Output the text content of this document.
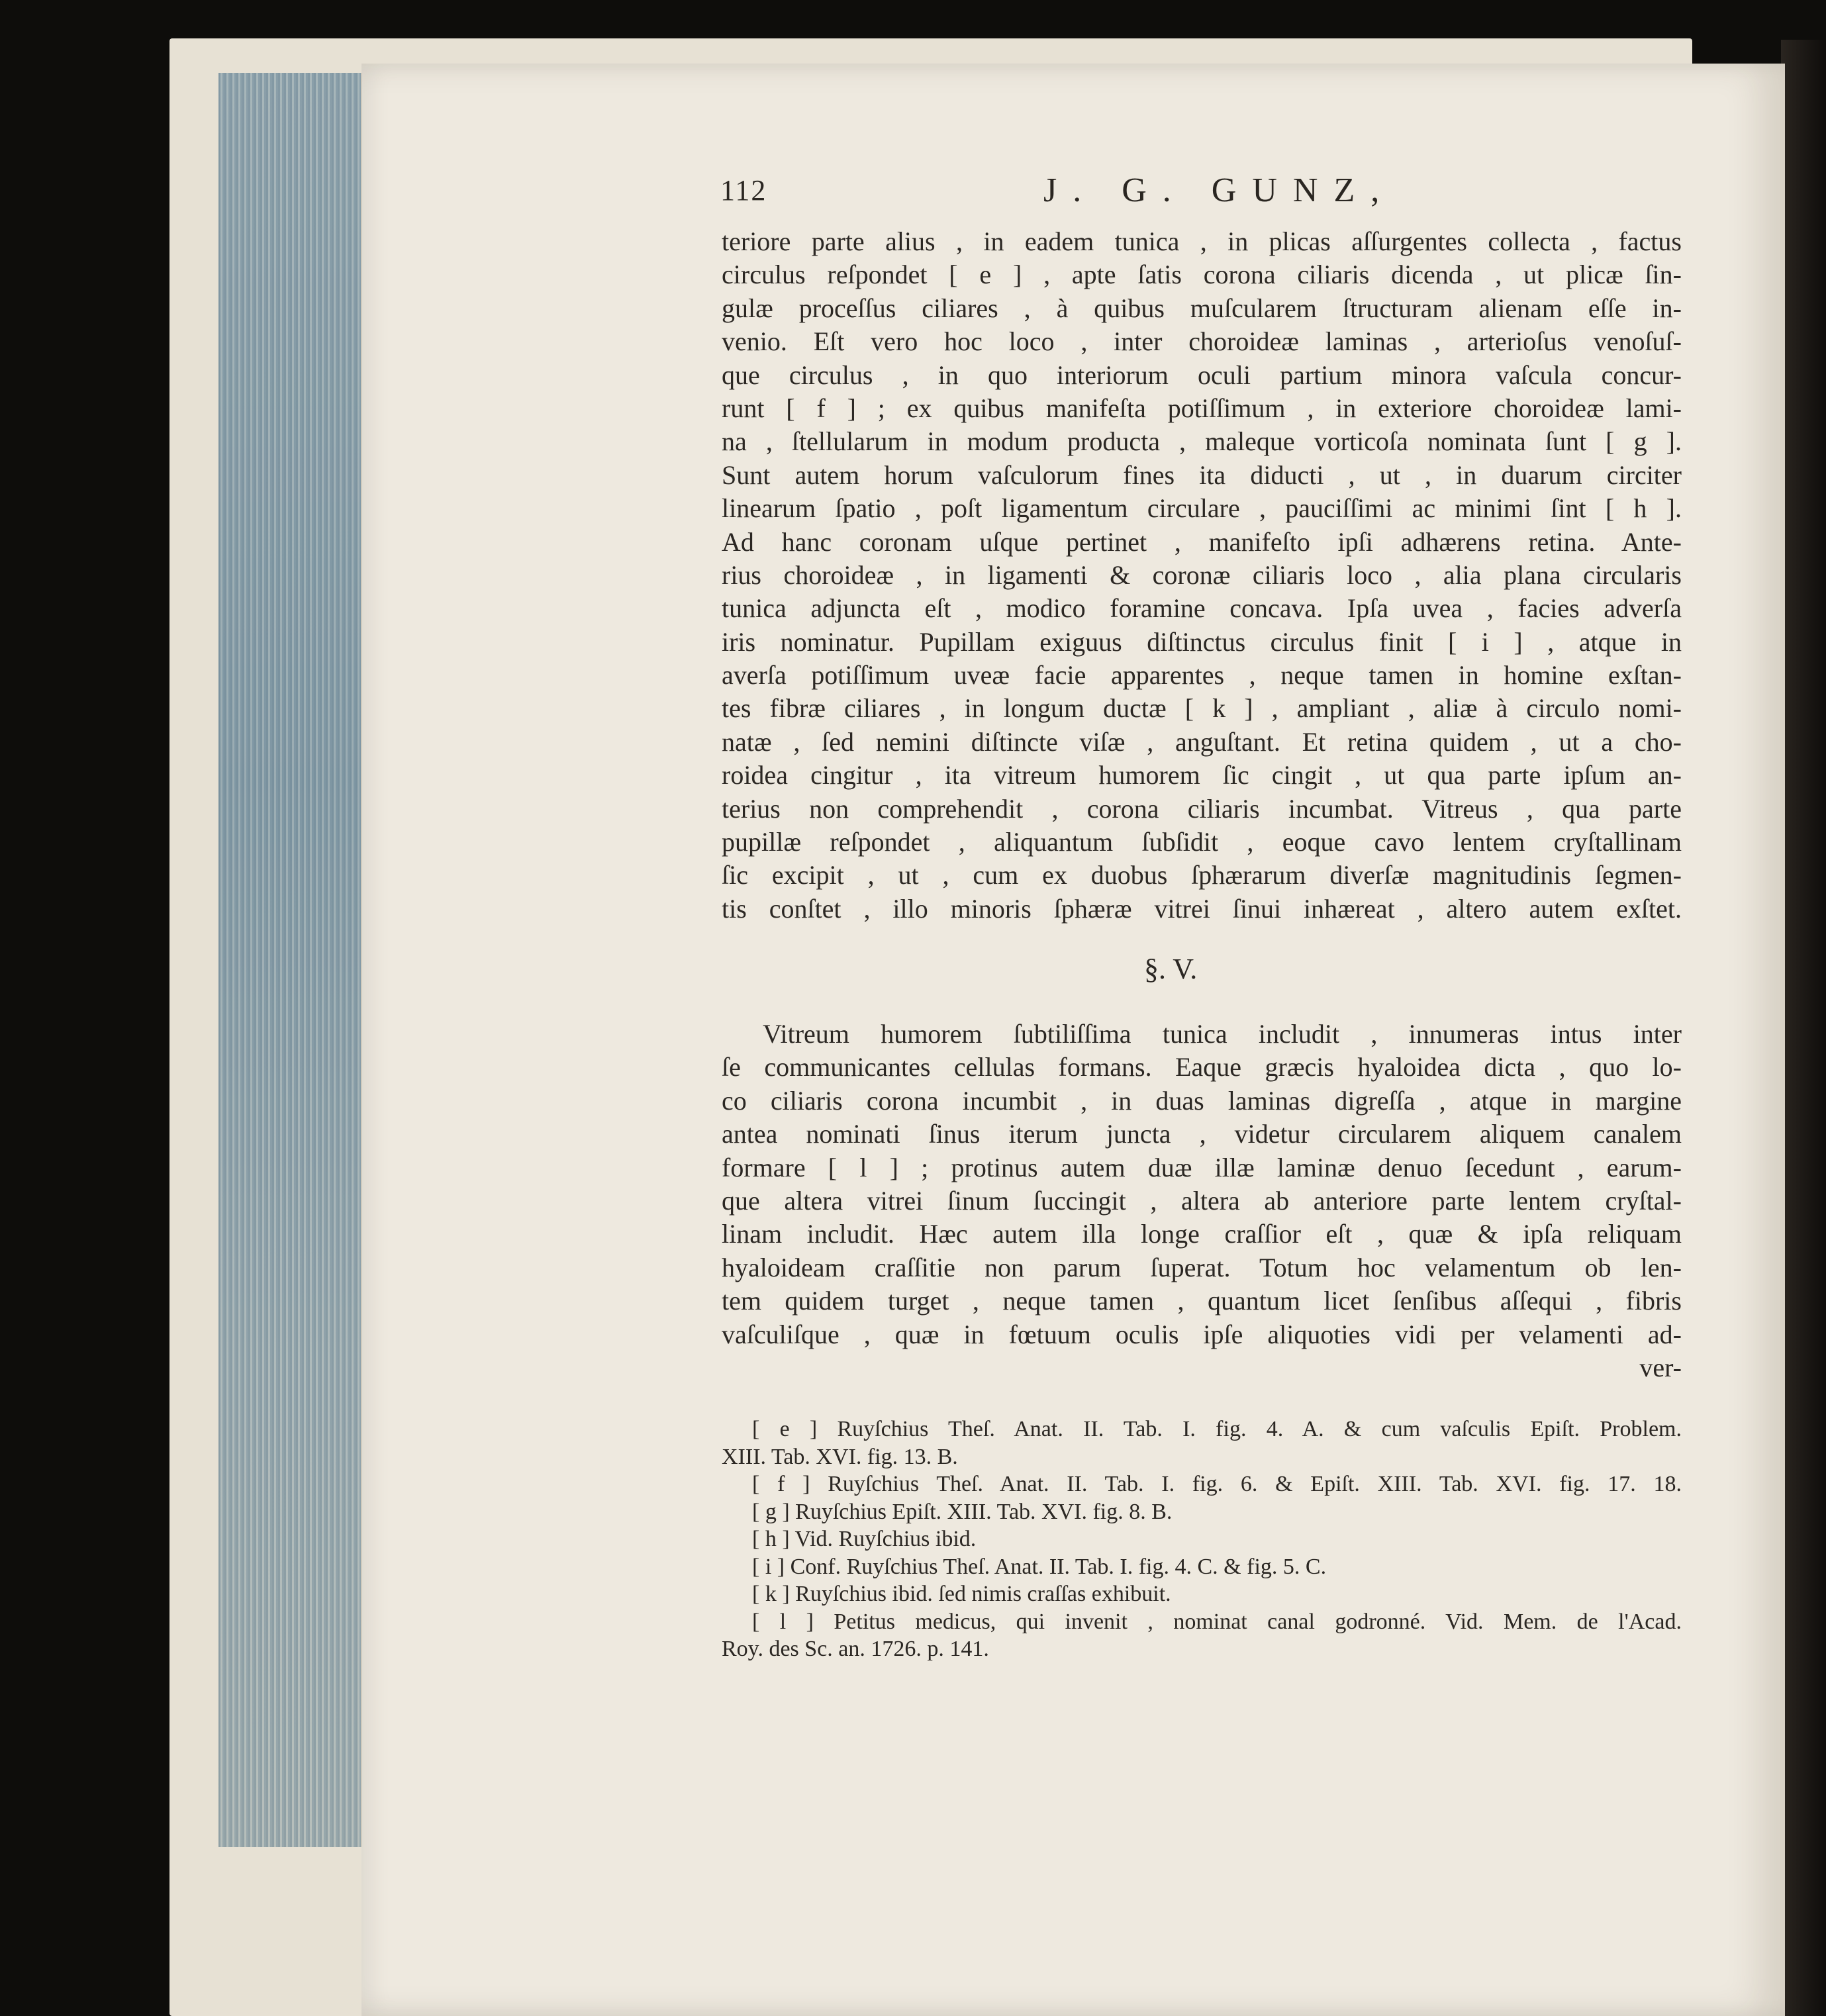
112	J. G. GUNZ,
teriore parte alius , in eadem tunica , in plicas aſſurgentes collecta , factus
circulus reſpondet [ e ] , apte ſatis corona ciliaris dicenda , ut plicæ ſin-
gulæ proceſſus ciliares , à quibus muſcularem ſtructuram alienam eſſe in-
venio. Eſt vero hoc loco , inter choroideæ laminas , arterioſus venoſuſ-
que circulus , in quo interiorum oculi partium minora vaſcula concur-
runt [ f ] ; ex quibus manifeſta potiſſimum , in exteriore choroideæ lami-
na , ſtellularum in modum producta , maleque vorticoſa nominata ſunt [ g ].
Sunt autem horum vaſculorum fines ita diducti , ut , in duarum circiter
linearum ſpatio , poſt ligamentum circulare , pauciſſimi ac minimi ſint [ h ].
Ad hanc coronam uſque pertinet , manifeſto ipſi adhærens retina. Ante-
rius choroideæ , in ligamenti & coronæ ciliaris loco , alia plana circularis
tunica adjuncta eſt , modico foramine concava. Ipſa uvea , facies adverſa
iris nominatur. Pupillam exiguus diſtinctus circulus finit [ i ] , atque in
averſa potiſſimum uveæ facie apparentes , neque tamen in homine exſtan-
tes fibræ ciliares , in longum ductæ [ k ] , ampliant , aliæ à circulo nomi-
natæ , ſed nemini diſtincte viſæ , anguſtant. Et retina quidem , ut a cho-
roidea cingitur , ita vitreum humorem ſic cingit , ut qua parte ipſum an-
terius non comprehendit , corona ciliaris incumbat. Vitreus , qua parte
pupillæ reſpondet , aliquantum ſubſidit , eoque cavo lentem cryſtallinam
ſic excipit , ut , cum ex duobus ſphærarum diverſæ magnitudinis ſegmen-
tis conſtet , illo minoris ſphæræ vitrei ſinui inhæreat , altero autem exſtet.
§. V.
Vitreum humorem ſubtiliſſima tunica includit , innumeras intus inter
ſe communicantes cellulas formans. Eaque græcis hyaloidea dicta , quo lo-
co ciliaris corona incumbit , in duas laminas digreſſa , atque in margine
antea nominati ſinus iterum juncta , videtur circularem aliquem canalem
formare [ l ] ; protinus autem duæ illæ laminæ denuo ſecedunt , earum-
que altera vitrei ſinum ſuccingit , altera ab anteriore parte lentem cryſtal-
linam includit. Hæc autem illa longe craſſior eſt , quæ & ipſa reliquam
hyaloideam craſſitie non parum ſuperat. Totum hoc velamentum ob len-
tem quidem turget , neque tamen , quantum licet ſenſibus aſſequi , fibris
vaſculiſque , quæ in fœtuum oculis ipſe aliquoties vidi per velamenti ad-
ver-
[ e ] Ruyſchius Theſ. Anat. II. Tab. I. fig. 4. A. & cum vaſculis Epiſt. Problem.
XIII. Tab. XVI. fig. 13. B.
[ f ] Ruyſchius Theſ. Anat. II. Tab. I. fig. 6. & Epiſt. XIII. Tab. XVI. fig. 17. 18.
[ g ] Ruyſchius Epiſt. XIII. Tab. XVI. fig. 8. B.
[ h ] Vid. Ruyſchius ibid.
[ i ] Conf. Ruyſchius Theſ. Anat. II. Tab. I. fig. 4. C. & fig. 5. C.
[ k ] Ruyſchius ibid. ſed nimis craſſas exhibuit.
[ l ] Petitus medicus, qui invenit , nominat canal godronné. Vid. Mem. de l'Acad.
Roy. des Sc. an. 1726. p. 141.
